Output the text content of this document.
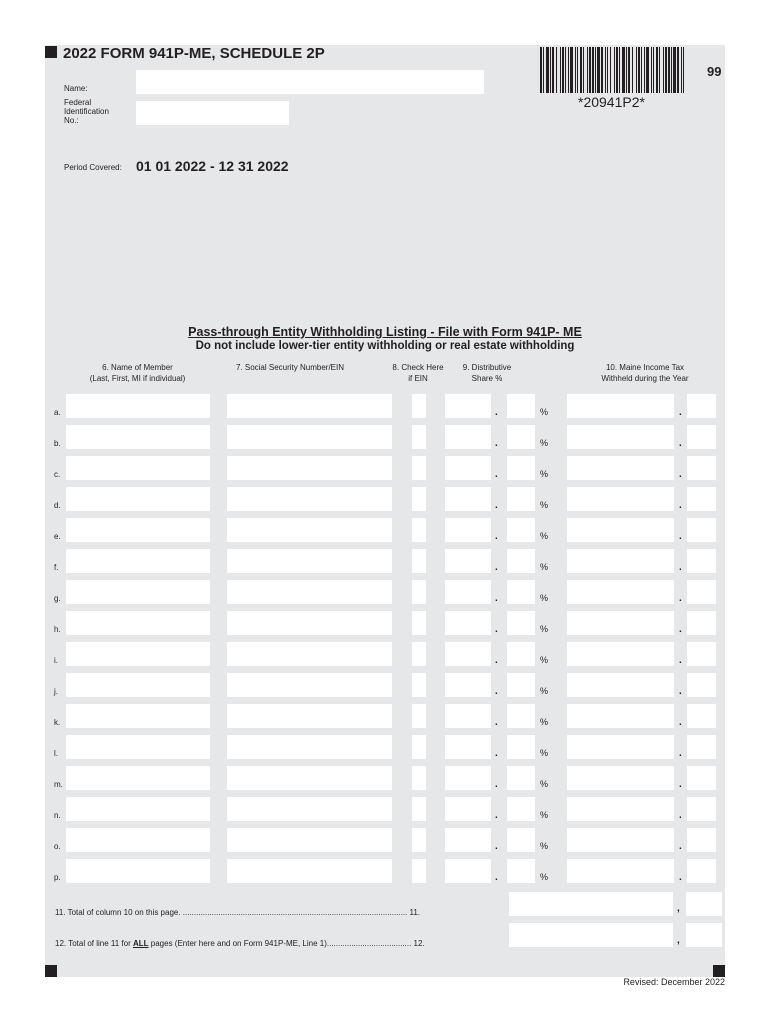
2022 FORM 941P-ME, SCHEDULE 2P
*20941P2*
99
Name:
Federal
Identification
No.:
Period Covered: 01 01 2022 - 12 31 2022
Pass-through Entity Withholding Listing - File with Form 941P- ME
Do not include lower-tier entity withholding or real estate withholding
6. Name of Member
(Last, First, MI if individual)
7. Social Security Number/EIN	8. Check Here
if EIN
9. Distributive
Share %
10. Maine Income Tax
Withheld during the Year
a.	.	%	.
b.	.	%	.
c.	.	%	.
d.	.	%	.
e.	.	%	.
f.	.	%	.
g.	.	%	.
h.	.	%	.
i.	.	%	.
j.	.	%	.
k.	.	%	.
l.	.	%	.
m.	.	%	.
n.	.	%	.
o.	.	%	.
p.	.	%	.
11. Total of column 10 on this page. ..................................................................................................... 11.	,
12. Total of line 11 for ALL pages (Enter here and on Form 941P-ME, Line 1)...................................... 12.	,
Revised: December 2022
